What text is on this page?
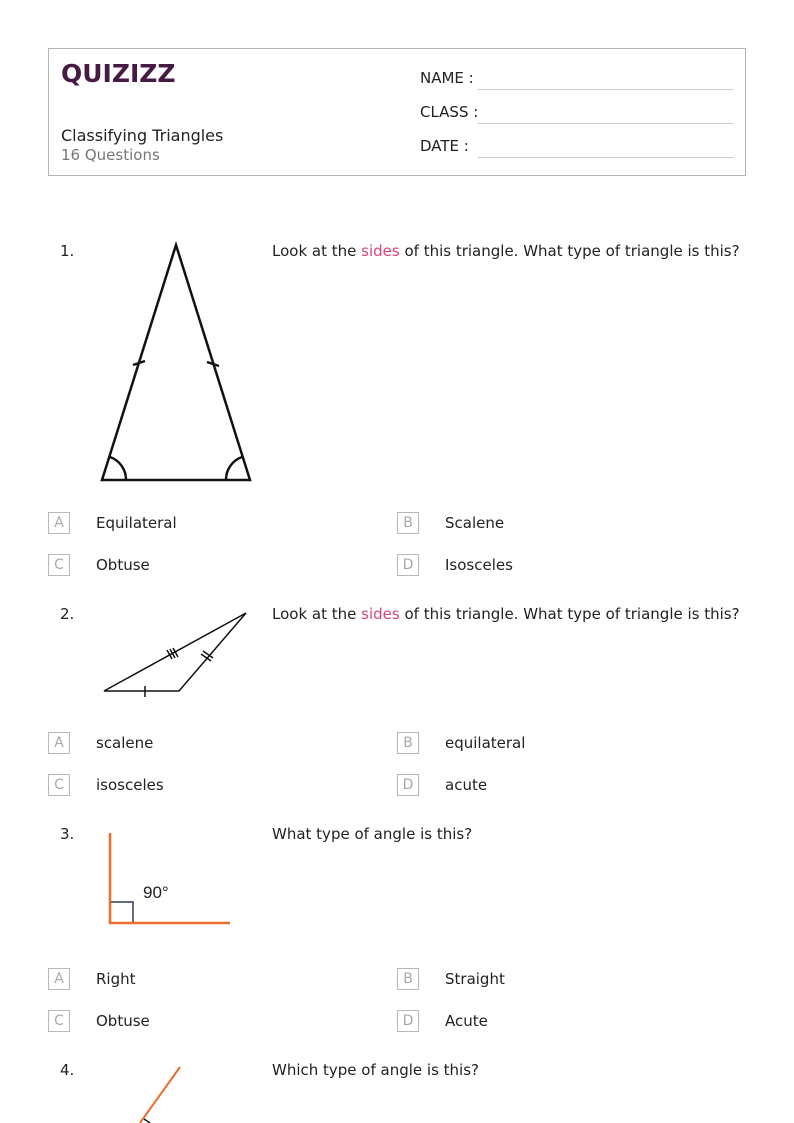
QUIZIZZ
Classifying Triangles
16 Questions
NAME :
CLASS :
DATE :
1.	Look at the sides of this triangle. What type of triangle is this?
A	Equilateral	B	Scalene
C	Obtuse	D	Isosceles
2.	Look at the sides of this triangle. What type of triangle is this?
A	scalene	B	equilateral
C	isosceles	D	acute
3.	What type of angle is this?
90°
A	Right	B	Straight
C	Obtuse	D	Acute
4.	Which type of angle is this?
